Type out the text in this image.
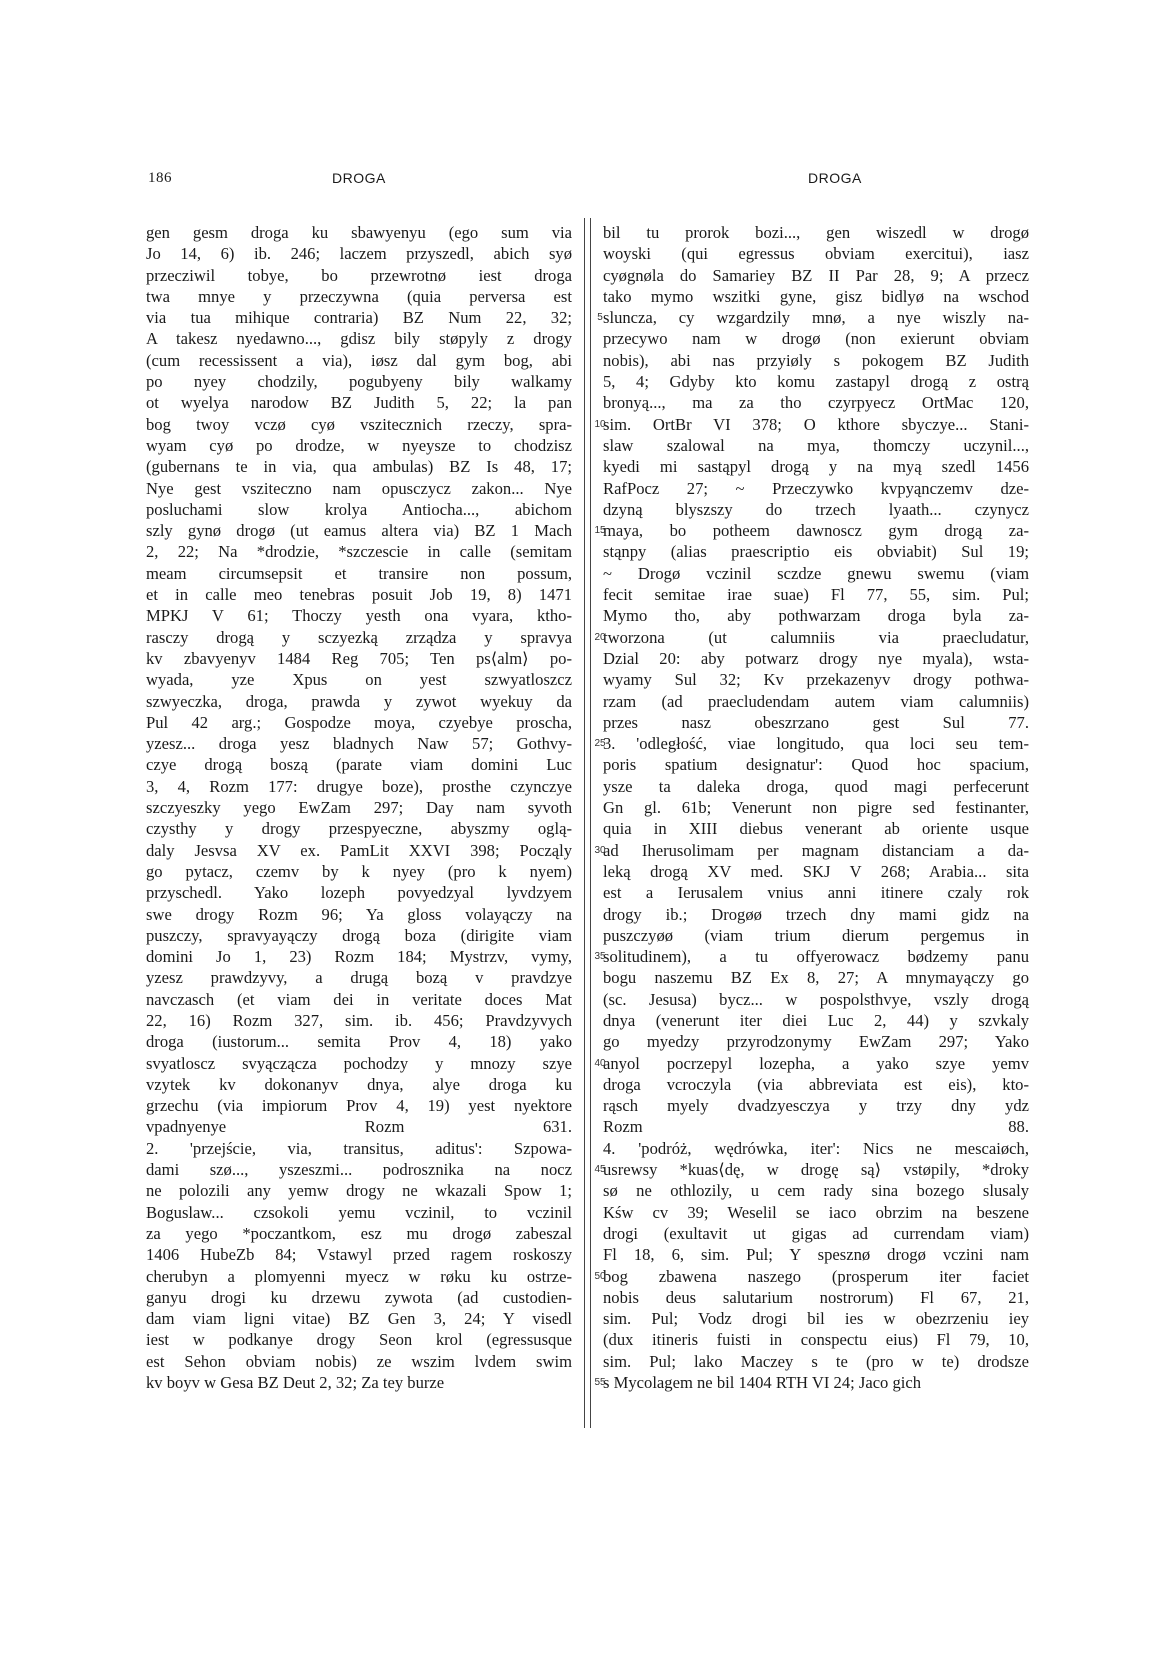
186	DROGA	DROGA
gen gesm droga ku sbawyenyu (ego sum via
Jo 14, 6) ib. 246; laczem przyszedl, abich syø
przecziwil tobye, bo przewrotnø iest droga
twa mnye y przeczywna (quia perversa est
via tua mihique contraria) BZ Num 22, 32;
A takesz nyedawno..., gdisz bily støpyly z drogy
(cum recessissent a via), iøsz dal gym bog, abi
po nyey chodzily, pogubyeny bily walkamy
ot wyelya narodow BZ Judith 5, 22; la pan
bog twoy vczø cyø vszitecznich rzeczy, spra-
wyam cyø po drodze, w nyeysze to chodzisz
(gubernans te in via, qua ambulas) BZ Is 48, 17;
Nye gest vsziteczno nam opusczycz zakon... Nye
posluchami slow krolya Antiocha..., abichom
szly gynø drogø (ut eamus altera via) BZ 1 Mach
2, 22; Na *drodzie, *szczescie in calle (semitam
meam circumsepsit et transire non possum,
et in calle meo tenebras posuit Job 19, 8) 1471
MPKJ V 61; Thoczy yesth ona vyara, ktho-
rasczy drogą y sczyezką zrządza y spravya
kv zbavyenyv 1484 Reg 705; Ten ps⟨alm⟩ po-
wyada, yze Xpus on yest szwyatloszcz
szwyeczka, droga, prawda y zywot wyekuy da
Pul 42 arg.; Gospodze moya, czyebye proscha,
yzesz... droga yesz bladnych Naw 57; Gothvy-
czye drogą boszą (parate viam domini Luc
3, 4, Rozm 177: drugye boze), prosthe czynczye
szczyeszky yego EwZam 297; Day nam syvoth
czysthy y drogy przespyeczne, abyszmy oglą-
daly Jesvsa XV ex. PamLit XXVI 398; Począly
go pytacz, czemv by k nyey (pro k nyem)
przyschedl. Yako lozeph povyedzyal lyvdzyem
swe drogy Rozm 96; Ya gloss volayączy na
puszczy, spravyayączy drogą boza (dirigite viam
domini Jo 1, 23) Rozm 184; Mystrzv, vymy,
yzesz prawdzyvy, a drugą bozą v pravdzye
navczasch (et viam dei in veritate doces Mat
22, 16) Rozm 327, sim. ib. 456; Pravdzyvych
droga (iustorum... semita Prov 4, 18) yako
svyatloscz svyączącza pochodzy y mnozy szye
vzytek kv dokonanyv dnya, alye droga ku
grzechu (via impiorum Prov 4, 19) yest nyektore
vpadnyenye Rozm 631.
2. 'przejście, via, transitus, aditus': Szpowa-
dami szø..., yszeszmi... podrosznika na nocz
ne polozili any yemw drogy ne wkazali Spow 1;
Boguslaw... czsokoli yemu vczinil, to vczinil
za yego *poczantkom, esz mu drogø zabeszal
1406 HubeZb 84; Vstawyl przed ragem roskoszy
cherubyn a plomyenni myecz w røku ku ostrze-
ganyu drogi ku drzewu zywota (ad custodien-
dam viam ligni vitae) BZ Gen 3, 24; Y visedl
iest w podkanye drogy Seon krol (egressusque
est Sehon obviam nobis) ze wszim lvdem swim
kv boyv w Gesa BZ Deut 2, 32; Za tey burze
bil tu prorok bozi..., gen wiszedl w drogø
woyski (qui egressus obviam exercitui), iasz
cyøgnøla do Samariey BZ II Par 28, 9; A przecz
tako mymo wszitki gyne, gisz bidlyø na wschod
sluncza, cy wzgardzily mnø, a nye wiszly na-
przecywo nam w drogø (non exierunt obviam
nobis), abi nas przyiøly s pokogem BZ Judith
5, 4; Gdyby kto komu zastapyl drogą z ostrą
bronyą..., ma za tho czyrpyecz OrtMac 120,
sim. OrtBr VI 378; O kthore sbyczye... Stani-
slaw szalowal na mya, thomczy uczynil...,
kyedi mi sastąpyl drogą y na myą szedl 1456
RafPocz 27; ~ Przeczywko kvpyąnczemv dze-
dzyną blyszszy do trzech lyaath... czynycz
maya, bo potheem dawnoscz gym drogą za-
stąnpy (alias praescriptio eis obviabit) Sul 19;
~ Drogø vczinil sczdze gnewu swemu (viam
fecit semitae irae suae) Fl 77, 55, sim. Pul;
Mymo tho, aby pothwarzam droga byla za-
tworzona (ut calumniis via praecludatur,
Dzial 20: aby potwarz drogy nye myala), wsta-
wyamy Sul 32; Kv przekazenyv drogy pothwa-
rzam (ad praecludendam autem viam calumniis)
przes nasz obeszrzano gest Sul 77.
3. 'odległość, viae longitudo, qua loci seu tem-
poris spatium designatur': Quod hoc spacium,
ysze ta daleka droga, quod magi perfecerunt
Gn gl. 61b; Venerunt non pigre sed festinanter,
quia in XIII diebus venerant ab oriente usque
ad Iherusolimam per magnam distanciam a da-
leką drogą XV med. SKJ V 268; Arabia... sita
est a Ierusalem vnius anni itinere czaly rok
drogy ib.; Drogøø trzech dny mami gidz na
puszczyøø (viam trium dierum pergemus in
solitudinem), a tu offyerowacz bødzemy panu
bogu naszemu BZ Ex 8, 27; A mnymayączy go
(sc. Jesusa) bycz... w pospolsthvye, vszly drogą
dnya (venerunt iter diei Luc 2, 44) y szvkaly
go myedzy przyrodzonymy EwZam 297; Yako
anyol pocrzepyl lozepha, a yako szye yemv
droga vcroczyla (via abbreviata est eis), kto-
rąsch myely dvadzyesczya y trzy dny ydz
Rozm 88.
4. 'podróż, wędrówka, iter': Nics ne mescaiøch,
usrewsy *kuas⟨dę, w drogę są⟩ vstøpily, *droky
sø ne othlozily, u cem rady sina bozego slusaly
Kśw cv 39; Weselil se iaco obrzim na beszene
drogi (exultavit ut gigas ad currendam viam)
Fl 18, 6, sim. Pul; Y spesznø drogø vczini nam
bog zbawena naszego (prosperum iter faciet
nobis deus salutarium nostrorum) Fl 67, 21,
sim. Pul; Vodz drogi bil ies w obezrzeniu iey
(dux itineris fuisti in conspectu eius) Fl 79, 10,
sim. Pul; lako Maczey s te (pro w te) drodsze
s Mycolagem ne bil 1404 RTH VI 24; Jaco gich
5
10
15
20
25
30
35
40
45
50
55
